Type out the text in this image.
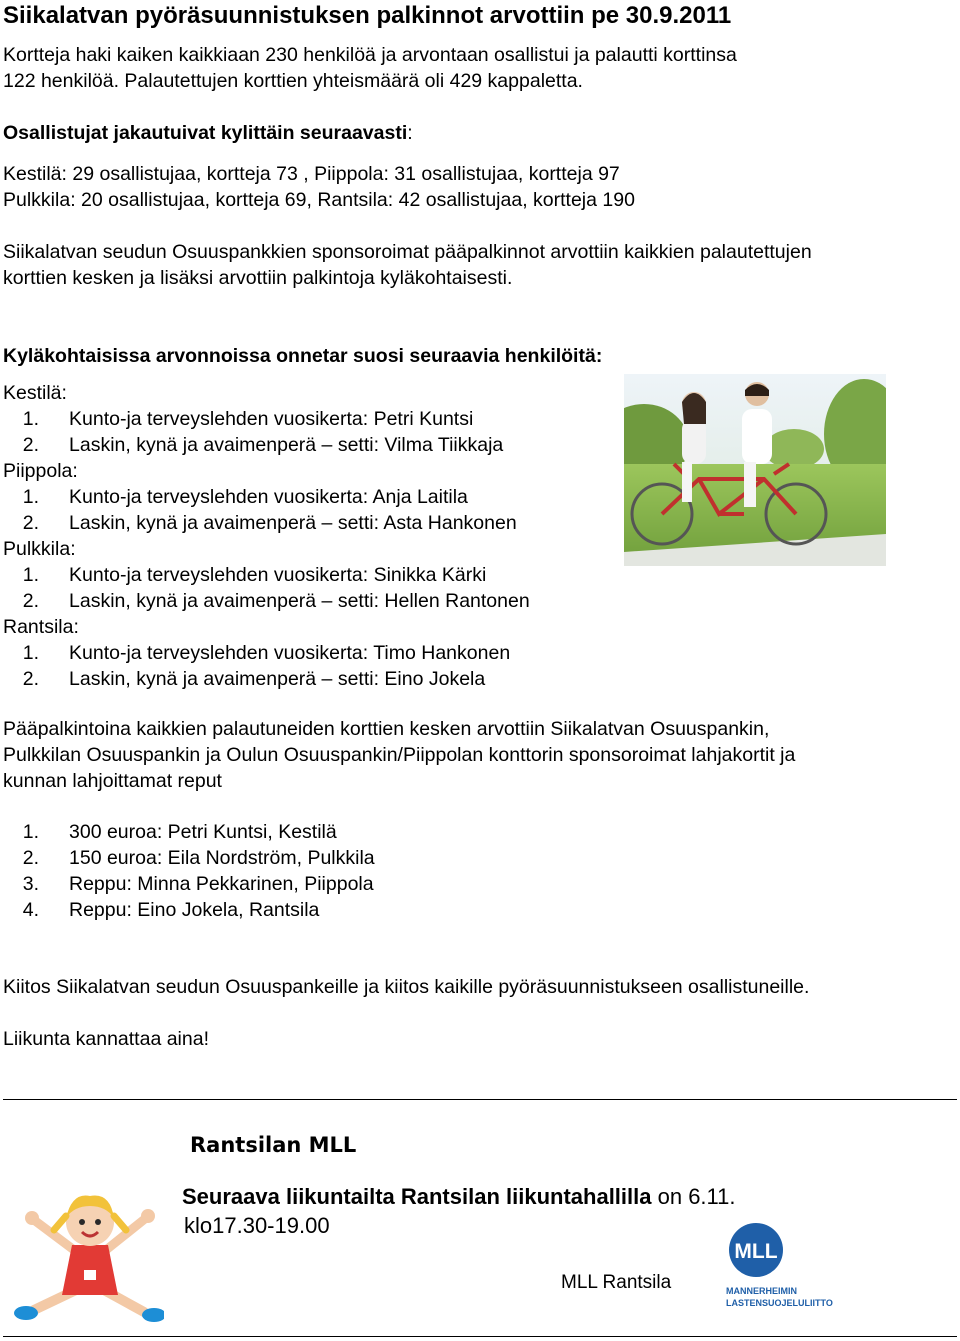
Siikalatvan pyöräsuunnistuksen palkinnot arvottiin pe 30.9.2011
Kortteja haki kaiken kaikkiaan 230 henkilöä ja arvontaan osallistui ja palautti korttinsa
122 henkilöä. Palautettujen korttien yhteismäärä oli 429 kappaletta.
Osallistujat jakautuivat kylittäin seuraavasti:
Kestilä: 29 osallistujaa, kortteja 73 , Piippola: 31 osallistujaa, kortteja 97
Pulkkila: 20 osallistujaa, kortteja 69, Rantsila: 42 osallistujaa, kortteja 190
Siikalatvan seudun Osuuspankkien sponsoroimat pääpalkinnot arvottiin kaikkien palautettujen
korttien kesken ja lisäksi arvottiin palkintoja kyläkohtaisesti.
Kyläkohtaisissa arvonnoissa onnetar suosi seuraavia henkilöitä:
Kestilä:
1. Kunto-ja terveyslehden vuosikerta: Petri Kuntsi
2. Laskin, kynä ja avaimenperä – setti: Vilma Tiikkaja
Piippola:
1. Kunto-ja terveyslehden vuosikerta: Anja Laitila
2. Laskin, kynä ja avaimenperä – setti: Asta Hankonen
Pulkkila:
1. Kunto-ja terveyslehden vuosikerta: Sinikka Kärki
2. Laskin, kynä ja avaimenperä – setti: Hellen Rantonen
Rantsila:
1. Kunto-ja terveyslehden vuosikerta: Timo Hankonen
2. Laskin, kynä ja avaimenperä – setti: Eino Jokela
Pääpalkintoina kaikkien palautuneiden korttien kesken arvottiin Siikalatvan Osuuspankin,
Pulkkilan Osuuspankin ja Oulun Osuuspankin/Piippolan konttorin sponsoroimat lahjakortit ja
kunnan lahjoittamat reput
1. 300 euroa: Petri Kuntsi, Kestilä
2. 150 euroa: Eila Nordström, Pulkkila
3. Reppu: Minna Pekkarinen, Piippola
4. Reppu: Eino Jokela, Rantsila
Kiitos Siikalatvan seudun Osuuspankeille ja kiitos kaikille pyöräsuunnistukseen osallistuneille.
Liikunta kannattaa aina!
Rantsilan MLL
Seuraava liikuntailta Rantsilan liikuntahallilla on 6.11.
klo17.30-19.00
MLL Rantsila
MLL
MANNERHEIMIN
LASTENSUOJELULIITTO
